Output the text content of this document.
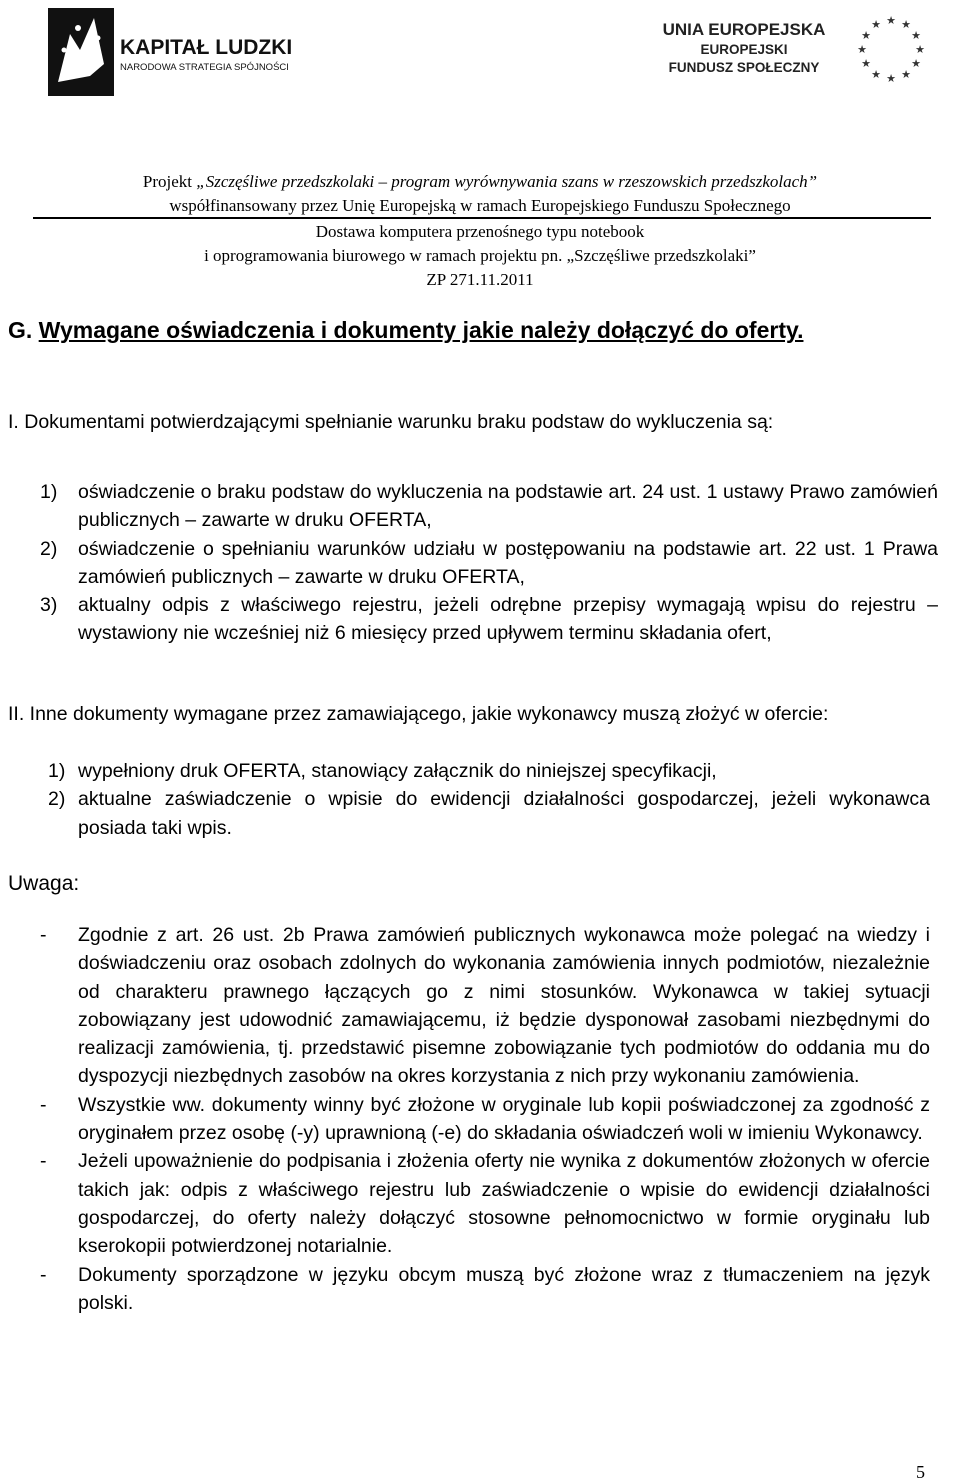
KAPITAŁ LUDZKI
NARODOWA STRATEGIA SPÓJNOŚCI
UNIA EUROPEJSKA
EUROPEJSKI
FUNDUSZ SPOŁECZNY
★ ★
★
★
★
★
★
★
★
★
★
★
Projekt „Szczęśliwe przedszkolaki – program wyrównywania szans w rzeszowskich przedszkolach”
współfinansowany przez Unię Europejską w ramach Europejskiego Funduszu Społecznego
Dostawa komputera przenośnego typu notebook
i oprogramowania biurowego w ramach projektu pn. „Szczęśliwe przedszkolaki”
ZP 271.11.2011
G. Wymagane oświadczenia i dokumenty jakie należy dołączyć do oferty.
I. Dokumentami potwierdzającymi spełnianie warunku braku podstaw do wykluczenia są:
1) oświadczenie o braku podstaw do wykluczenia na podstawie art. 24 ust. 1 ustawy Prawo zamówień publicznych – zawarte w druku OFERTA,
2) oświadczenie o spełnianiu warunków udziału w postępowaniu na podstawie art. 22 ust. 1 Prawa zamówień publicznych – zawarte w druku OFERTA,
3) aktualny odpis z właściwego rejestru, jeżeli odrębne przepisy wymagają wpisu do rejestru – wystawiony nie wcześniej niż 6 miesięcy przed upływem terminu składania ofert,
II. Inne dokumenty wymagane przez zamawiającego, jakie wykonawcy muszą złożyć w ofercie:
1) wypełniony druk OFERTA, stanowiący załącznik do niniejszej specyfikacji,
2) aktualne zaświadczenie o wpisie do ewidencji działalności gospodarczej, jeżeli wykonawca posiada taki wpis.
Uwaga:
- Zgodnie z art. 26 ust. 2b Prawa zamówień publicznych wykonawca może polegać na wiedzy i doświadczeniu oraz osobach zdolnych do wykonania zamówienia innych podmiotów, niezależnie od charakteru prawnego łączących go z nimi stosunków. Wykonawca w takiej sytuacji zobowiązany jest udowodnić zamawiającemu, iż będzie dysponował zasobami niezbędnymi do realizacji zamówienia, tj. przedstawić pisemne zobowiązanie tych podmiotów do oddania mu do dyspozycji niezbędnych zasobów na okres korzystania z nich przy wykonaniu zamówienia.
- Wszystkie ww. dokumenty winny być złożone w oryginale lub kopii poświadczonej za zgodność z oryginałem przez osobę (-y) uprawnioną (-e) do składania oświadczeń woli w imieniu Wykonawcy.
- Jeżeli upoważnienie do podpisania i złożenia oferty nie wynika z dokumentów złożonych w ofercie takich jak: odpis z właściwego rejestru lub zaświadczenie o wpisie do ewidencji działalności gospodarczej, do oferty należy dołączyć stosowne pełnomocnictwo w formie oryginału lub kserokopii potwierdzonej notarialnie.
- Dokumenty sporządzone w języku obcym muszą być złożone wraz z tłumaczeniem na język polski.
5
